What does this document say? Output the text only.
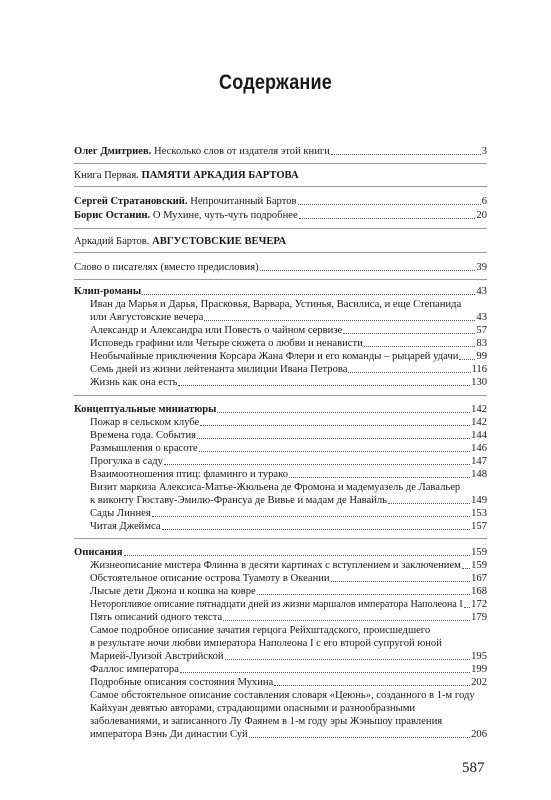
Содержание
Олег Дмитриев. Несколько слов от издателя этой книги	3
Книга Первая. ПАМЯТИ АРКАДИЯ БАРТОВА
Сергей Стратановский. Непрочитанный Бартов	6
Борис Останин. О Мухине, чуть-чуть подробнее	20
Аркадий Бартов. АВГУСТОВСКИЕ ВЕЧЕРА
Слово о писателях (вместо предисловия)	39
Клип-романы	43
Иван да Марья и Дарья, Прасковья, Варвара, Устинья, Василиса, и еще Степанида
или Августовские вечера	43
Александр и Александра или Повесть о чайном сервизе	57
Исповедь графини или Четыре сюжета о любви и ненависти	83
Необычайные приключения Корсара Жана Флери и его команды – рыцарей удачи 99
Семь дней из жизни лейтенанта милиции Ивана Петрова	116
Жизнь как она есть	130
Концептуальные миниатюры	142
Пожар в сельском клубе	142
Времена года. События	144
Размышления о красоте	146
Прогулка в саду	147
Взаимоотношения птиц: фламинго и турако	148
Визит маркиза Алексиса-Матье-Жюльена де Фромона и мадемуазель де Лавальер
к виконту Гюставу-Эмилю-Франсуа де Вивье и мадам де Навайль	149
Сады Линнея	153
Читая Джеймса	157
Описания	159
Жизнеописание мистера Флинна в десяти картинах с вступлением и заключением 159
Обстоятельное описание острова Туамоту в Океании	167
Лысые дети Джона и кошка на ковре	168
Неторопливое описание пятнадцати дней из жизни маршалов императора Наполеона I 172
Пять описаний одного текста	179
Самое подробное описание зачатия герцога Рейхштадского, происшедшего
в результате ночи любви императора Наполеона I с его второй супругой юной
Марией-Луизой Австрийской	195
Фаллос императора	199
Подробные описания состояния Мухина	202
Самое обстоятельное описание составления словаря «Цеюнь», созданного в 1-м году
Кайхуан девятью авторами, страдающими опасными и разнообразными
заболеваниями, и записанного Лу Фаянем в 1-м году эры Жэньшоу правления
императора Вэнь Ди династии Суй	206
587
